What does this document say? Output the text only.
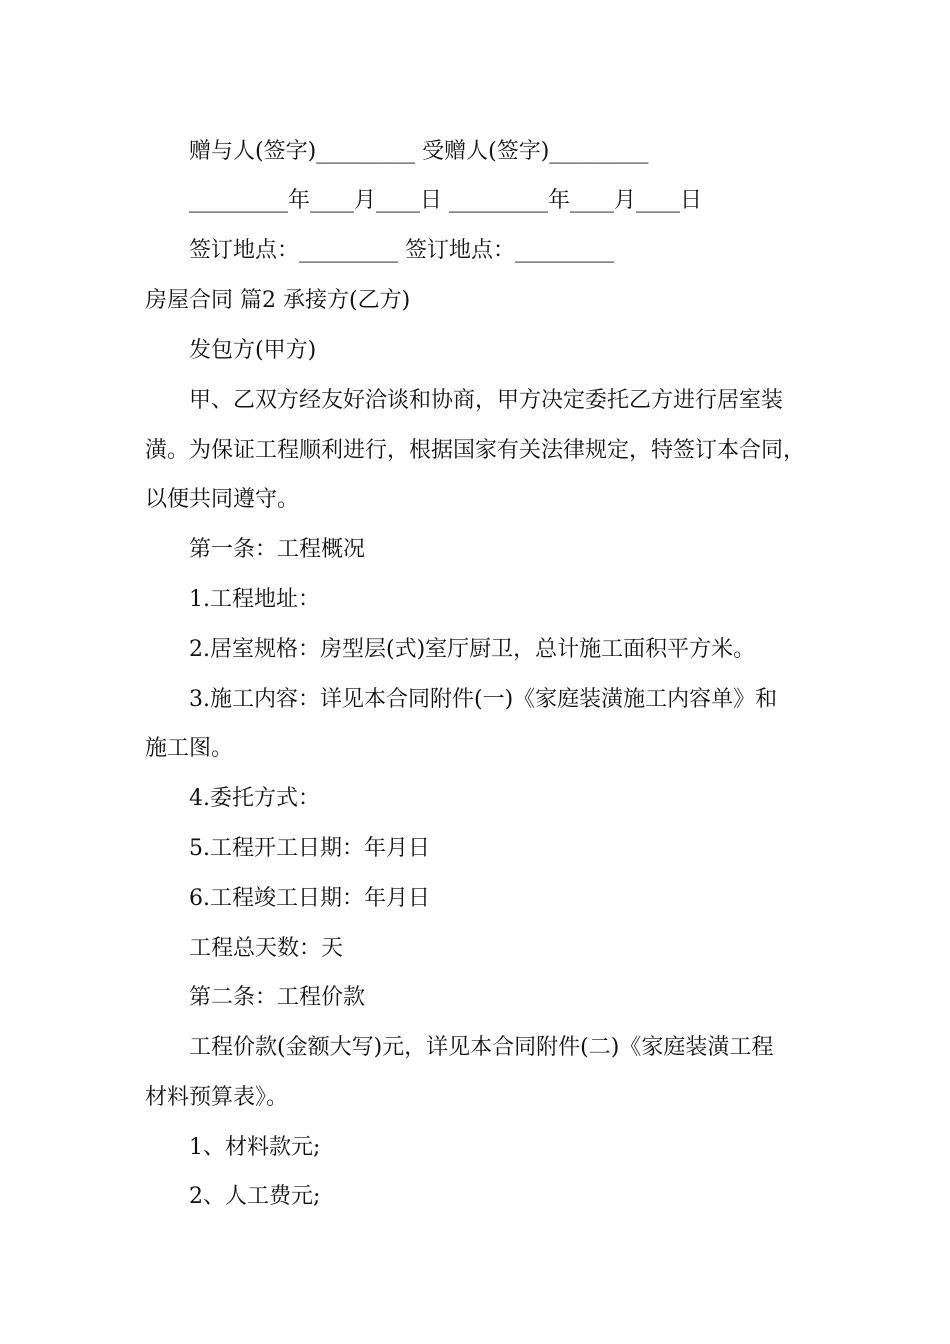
赠与人(签字)_________ 受赠人(签字)_________
_________年____月____日 _________年____月____日
签订地点：_________ 签订地点：_________
房屋合同 篇2 承接方(乙方)
发包方(甲方)
甲、乙双方经友好洽谈和协商，甲方决定委托乙方进行居室装
潢。为保证工程顺利进行，根据国家有关法律规定，特签订本合同，
以便共同遵守。
第一条：工程概况
1.工程地址：
2.居室规格：房型层(式)室厅厨卫，总计施工面积平方米。
3.施工内容：详见本合同附件(一)《家庭装潢施工内容单》和
施工图。
4.委托方式：
5.工程开工日期：年月日
6.工程竣工日期：年月日
工程总天数：天
第二条：工程价款
工程价款(金额大写)元，详见本合同附件(二)《家庭装潢工程
材料预算表》。
1、材料款元;
2、人工费元;
